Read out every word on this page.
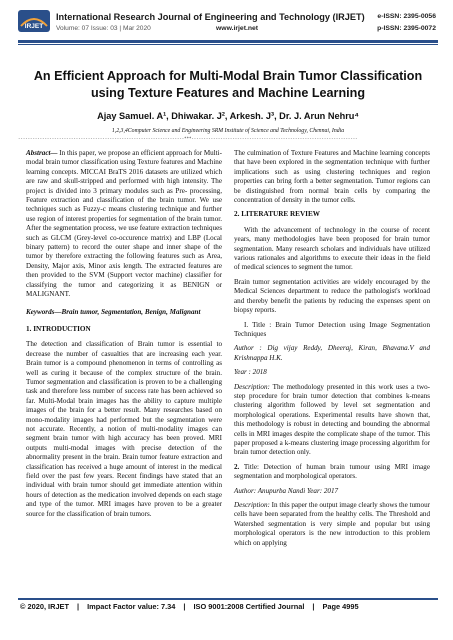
IRJET
International Research Journal of Engineering and Technology (IRJET)
Volume: 07 Issue: 03 | Mar 2020	www.irjet.net
e-ISSN: 2395-0056
p-ISSN: 2395-0072
An Efficient Approach for Multi-Modal Brain Tumor Classification using Texture Features and Machine Learning
Ajay Samuel. A¹, Dhiwakar. J², Arkesh. J³, Dr. J. Arun Nehru⁴
1,2,3,4Computer Science and Engineering SRM Institute of Science and Technology, Chennai, India
---------------------------------------------------------------------***---------------------------------------------------------------------

Abstract— In this paper, we propose an efficient approach for Multi-modal brain tumor classification using Texture features and Machine learning concepts. MICCAI BraTS 2016 datasets are utilized which are raw and skull-stripped and performed with high intensity. The project is divided into 3 primary modules such as Pre- processing, Feature extraction and classification of the brain tumor. We use techniques such as Fuzzy-c means clustering technique and further use region of interest properties for segmentation of the brain tumor. After the segmentation process, we use feature extraction techniques such as GLCM (Grey-level co-occurence matrix) and LBP (Local binary pattern) to record the outer shape and inner shape of the tumor by therefore extracting the following features such as Area, Density, Major axis, Minor axis length. The extracted features are then provided to the SVM (Support vector machine) classifier for classifying the tumor and categorizing it as BENIGN or MALIGNANT.

Keywords—Brain tumor, Segmentation, Benign, Malignant

1. INTRODUCTION

The detection and classification of Brain tumor is essential to decrease the number of casualties that are increasing each year. Brain tumor is a compound phenomenon in terms of controlling as well as curing it because of the complex structure of the brain. Tumor segmentation and classification is proven to be a challenging task and therefore less number of success rate has been achieved so far. Multi-Modal brain images has the ability to capture multiple images of the brain for a better result. Many researches based on mono-modality images had performed but the segmentation were not accurate. Recently, a notion of multi-modality images can segment brain tumor with high accuracy has been proved. MRI outputs multi-modal images with precise detection of the abnormality present in the brain. Brain tumor feature extraction and classification has received a huge amount of interest in the medical field over the past few years. Recent findings have stated that an individual with brain tumor should get immediate attention within hours of detection as the medication involved depends on each stage and type of the tumor. MRI images have proven to be a greater source for the classification of brain tumors.

The culmination of Texture Features and Machine learning concepts that have been explored in the segmentation technique with further implications such as using clustering techniques and region properties can bring forth a better segmentation. Tumor regions can be distinguished from normal brain cells by comparing the concentration of density in the tumor cells.

2. LITERATURE REVIEW

With the advancement of technology in the course of recent years, many methodologies have been proposed for brain tumor segmentation. Many research scholars and individuals have utilized various rationales and algorithms to execute their ideas in the field of medical sciences to segment the tumor.

Brain tumor segmentation activities are widely encouraged by the Medical Sciences department to reduce the pathologist's workload and thereby benefit the patients by reducing the expenses spent on biopsy reports.

I. Title : Brain Tumor Detection using Image Segmentation Techniques

Author : Dig vijay Reddy, Dheeraj, Kiran, Bhavana.V and Krishnappa H.K.

Year : 2018

Description: The methodology presented in this work uses a two-step procedure for brain tumor detection that combines k-means clustering algorithm followed by level set segmentation and morphological operations. Experimental results have shown that, this methodology is robust in detecting and bounding the abnormal cells in MRI images despite the complicate shape of the tumor. This paper proposed a k-means clustering image processing algorithm for brain tumor detection only.

2. Title: Detection of human brain tumour using MRI image segmentation and morphological operators.

Author: Anupurba Nandi Year: 2017

Description: In this paper the output image clearly shows the tumour cells have been separated from the healthy cells. The Threshold and Watershed segmentation is very simple and popular but using morphological operators is the new introduction to this problem which on applying

© 2020, IRJET | Impact Factor value: 7.34 | ISO 9001:2008 Certified Journal | Page 4995
